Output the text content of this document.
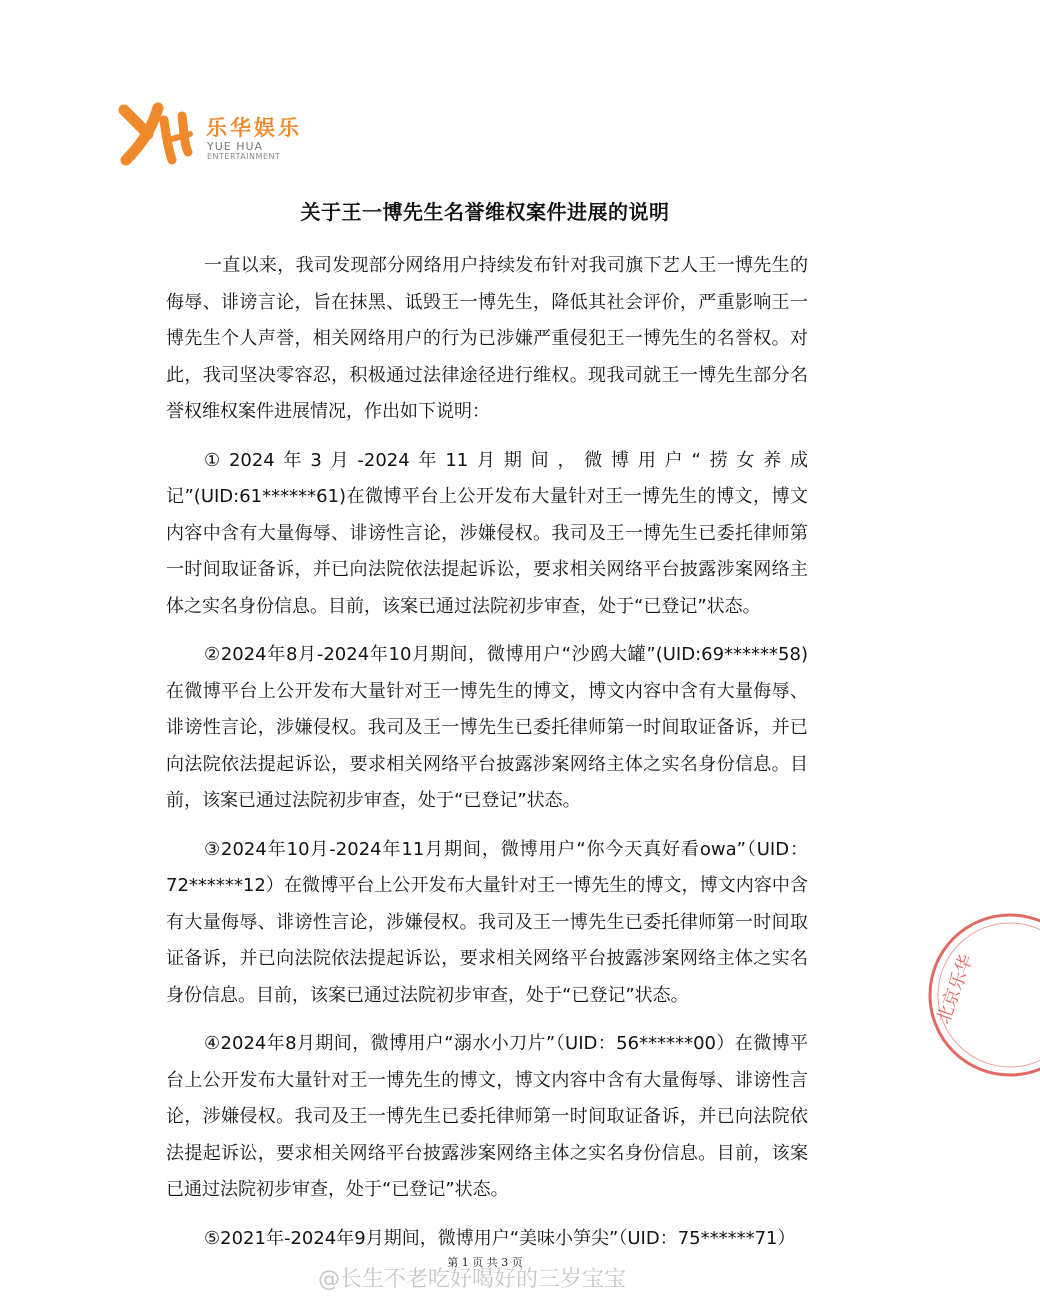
乐华娱乐
YUE HUA
ENTERTAINMENT
关于王一博先生名誉维权案件进展的说明

一直以来，我司发现部分网络用户持续发布针对我司旗下艺人王一博先生的侮辱、诽谤言论，旨在抹黑、诋毁王一博先生，降低其社会评价，严重影响王一博先生个人声誉，相关网络用户的行为已涉嫌严重侵犯王一博先生的名誉权。对此，我司坚决零容忍，积极通过法律途径进行维权。现我司就王一博先生部分名誉权维权案件进展情况，作出如下说明：

①2024年3月-2024年11月期间，微博用户“捞女养成记”(UID:61******61)在微博平台上公开发布大量针对王一博先生的博文，博文内容中含有大量侮辱、诽谤性言论，涉嫌侵权。我司及王一博先生已委托律师第一时间取证备诉，并已向法院依法提起诉讼，要求相关网络平台披露涉案网络主体之实名身份信息。目前，该案已通过法院初步审查，处于“已登记”状态。

②2024年8月-2024年10月期间，微博用户“沙鸥大罐”(UID:69******58)在微博平台上公开发布大量针对王一博先生的博文，博文内容中含有大量侮辱、诽谤性言论，涉嫌侵权。我司及王一博先生已委托律师第一时间取证备诉，并已向法院依法提起诉讼，要求相关网络平台披露涉案网络主体之实名身份信息。目前，该案已通过法院初步审查，处于“已登记”状态。

③2024年10月-2024年11月期间，微博用户“你今天真好看owa”（UID：72******12）在微博平台上公开发布大量针对王一博先生的博文，博文内容中含有大量侮辱、诽谤性言论，涉嫌侵权。我司及王一博先生已委托律师第一时间取证备诉，并已向法院依法提起诉讼，要求相关网络平台披露涉案网络主体之实名身份信息。目前，该案已通过法院初步审查，处于“已登记”状态。

④2024年8月期间，微博用户“溺水小刀片”（UID：56******00）在微博平台上公开发布大量针对王一博先生的博文，博文内容中含有大量侮辱、诽谤性言论，涉嫌侵权。我司及王一博先生已委托律师第一时间取证备诉，并已向法院依法提起诉讼，要求相关网络平台披露涉案网络主体之实名身份信息。目前，该案已通过法院初步审查，处于“已登记”状态。

⑤2021年-2024年9月期间，微博用户“美味小笋尖”（UID：75******71）

北京乐华
第 1 页 共 3 页
@长生不老吃好喝好的三岁宝宝
